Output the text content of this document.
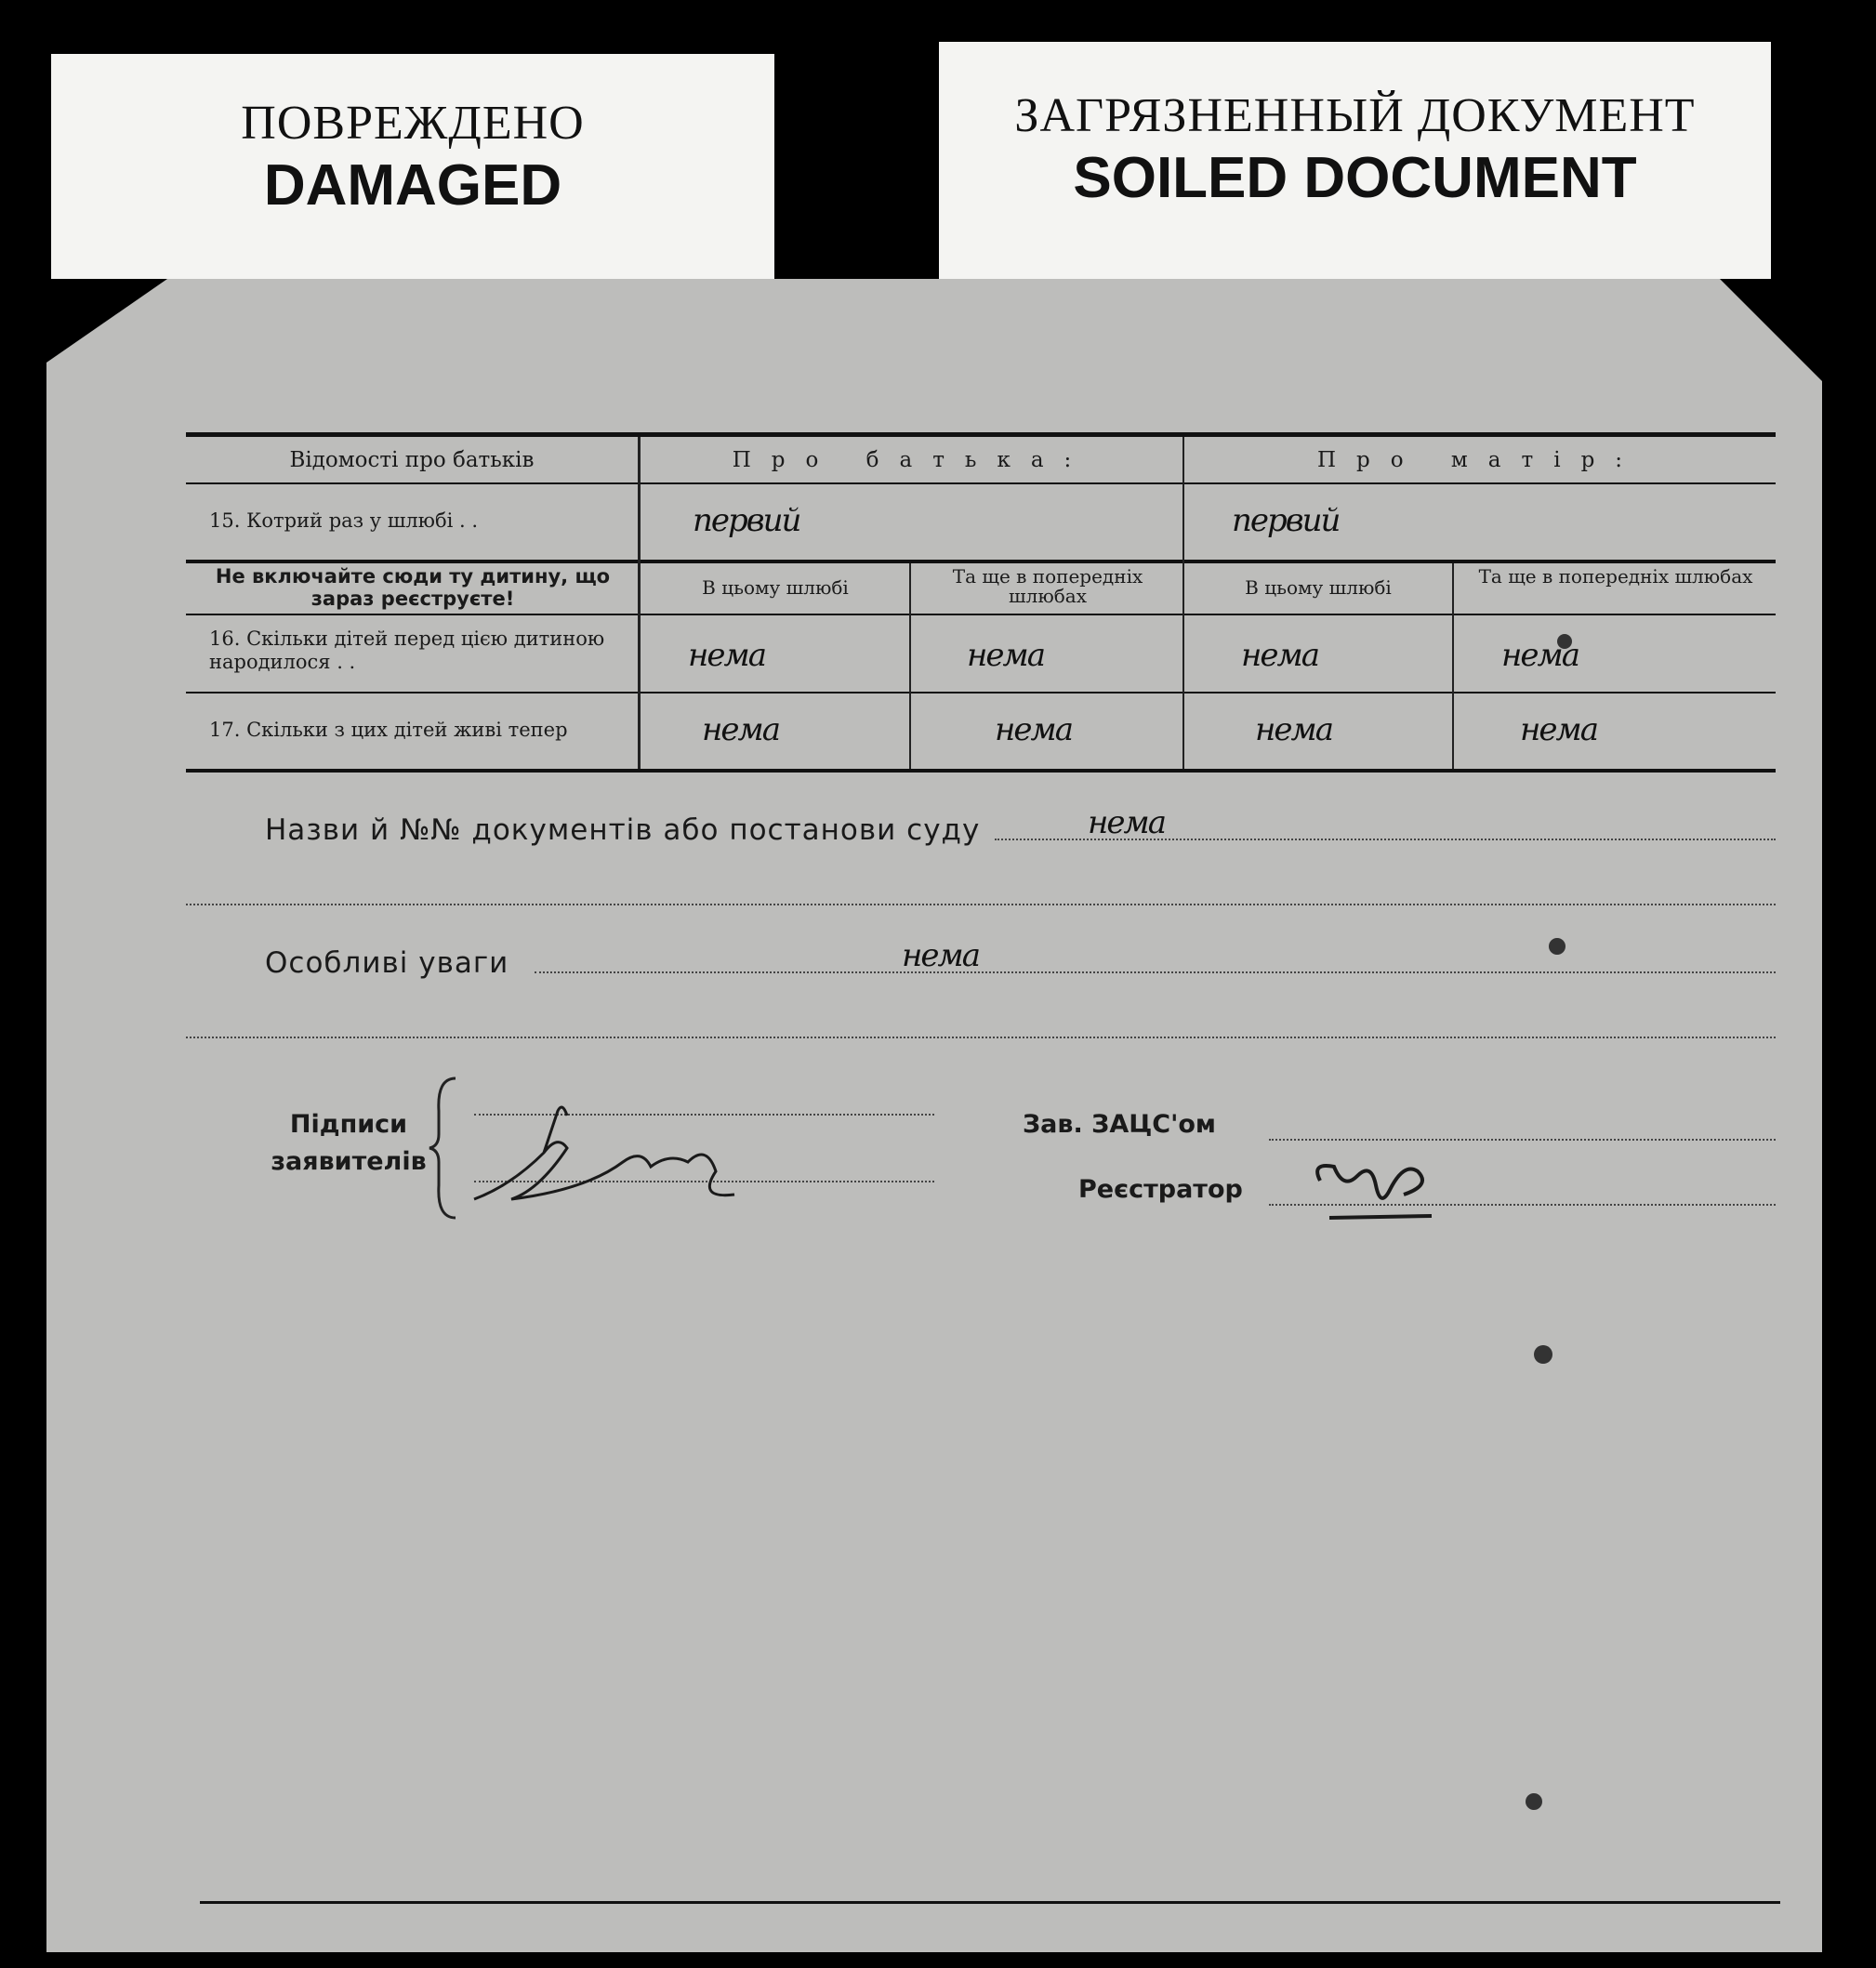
ПОВРЕЖДЕНО
DAMAGED
ЗАГРЯЗНЕННЫЙ ДОКУМЕНТ
SOILED DOCUMENT
Відомості про батьків	Про батька:	Про матір:
15. Котрий раз у шлюбі . .	первий	первий
Не включайте сюди ту дитину, що зараз реєструєте!	В цьому шлюбі	Та ще в попередніх шлюбах	В цьому шлюбі	Та ще в попередніх шлюбах
16. Скільки дітей перед цією дитиною народилося . .	нема	нема	нема	нема
17. Скільки з цих дітей живі тепер	нема	нема	нема	нема
Назви й №№ документів або постанови суду	нема
Особливі уваги	нема
Підписи заявителів
Зав. ЗАЦС'ом
Реєстратор
